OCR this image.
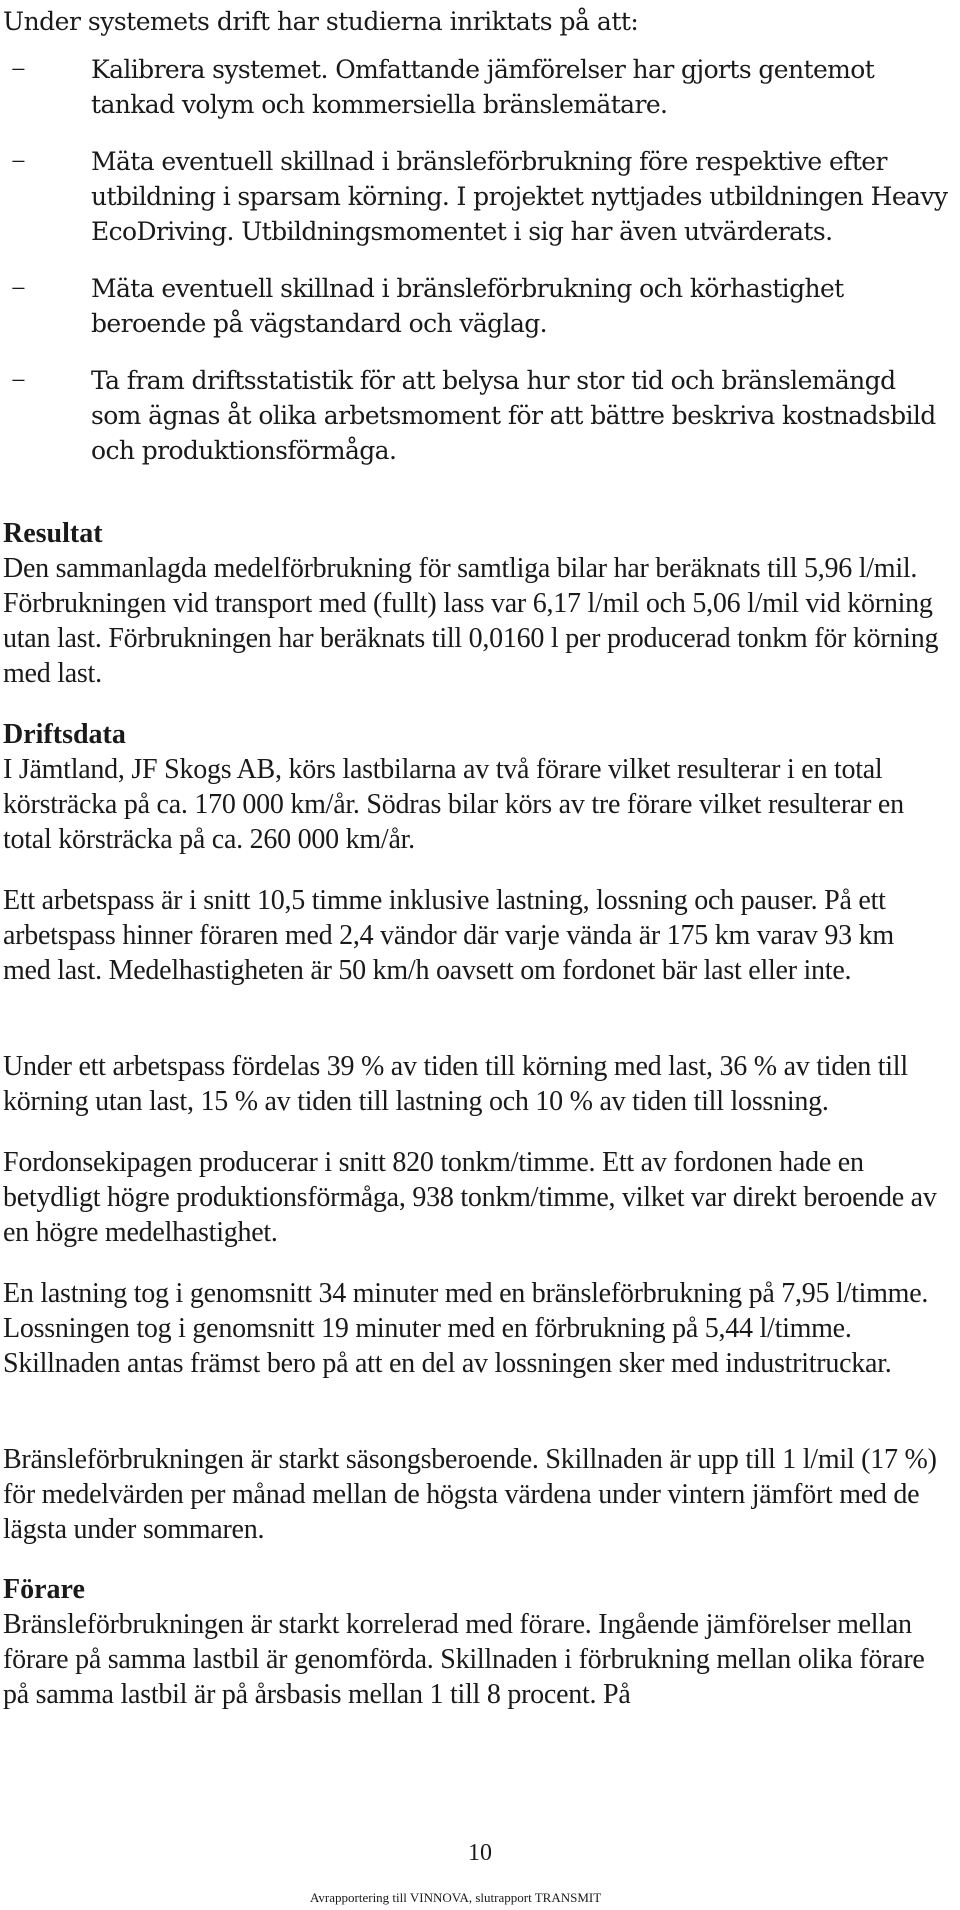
Under systemets drift har studierna inriktats på att:

−	Kalibrera systemet. Omfattande jämförelser har gjorts gentemot tankad volym och kommersiella bränslemätare.
−	Mäta eventuell skillnad i bränsleförbrukning före respektive efter utbildning i sparsam körning. I projektet nyttjades utbildningen Heavy EcoDriving. Utbildningsmomentet i sig har även utvärderats.
−	Mäta eventuell skillnad i bränsleförbrukning och körhastighet beroende på vägstandard och väglag.
−	Ta fram driftsstatistik för att belysa hur stor tid och bränslemängd som ägnas åt olika arbetsmoment för att bättre beskriva kostnadsbild och produktionsförmåga.
Resultat

Den sammanlagda medelförbrukning för samtliga bilar har beräknats till 5,96 l/mil. Förbrukningen vid transport med (fullt) lass var 6,17 l/mil och 5,06 l/mil vid körning utan last. Förbrukningen har beräknats till 0,0160 l per producerad tonkm för körning med last.

Driftsdata

I Jämtland, JF Skogs AB, körs lastbilarna av två förare vilket resulterar i en total körsträcka på ca. 170 000 km/år. Södras bilar körs av tre förare vilket resulterar en total körsträcka på ca. 260 000 km/år.

Ett arbetspass är i snitt 10,5 timme inklusive lastning, lossning och pauser. På ett arbetspass hinner föraren med 2,4 vändor där varje vända är 175 km varav 93 km med last. Medelhastigheten är 50 km/h oavsett om fordonet bär last eller inte.

Under ett arbetspass fördelas 39 % av tiden till körning med last, 36 % av tiden till körning utan last, 15 % av tiden till lastning och 10 % av tiden till lossning.

Fordonsekipagen producerar i snitt 820 tonkm/timme. Ett av fordonen hade en betydligt högre produktionsförmåga, 938 tonkm/timme, vilket var direkt beroende av en högre medelhastighet.

En lastning tog i genomsnitt 34 minuter med en bränsleförbrukning på 7,95 l/timme. Lossningen tog i genomsnitt 19 minuter med en förbrukning på 5,44 l/timme. Skillnaden antas främst bero på att en del av lossningen sker med industritruckar.

Bränsleförbrukningen är starkt säsongsberoende. Skillnaden är upp till 1 l/mil (17 %) för medelvärden per månad mellan de högsta värdena under vintern jämfört med de lägsta under sommaren.

Förare

Bränsleförbrukningen är starkt korrelerad med förare. Ingående jämförelser mellan förare på samma lastbil är genomförda. Skillnaden i förbrukning mellan olika förare på samma lastbil är på årsbasis mellan 1 till 8 procent. På

10

Avrapportering till VINNOVA, slutrapport TRANSMIT
